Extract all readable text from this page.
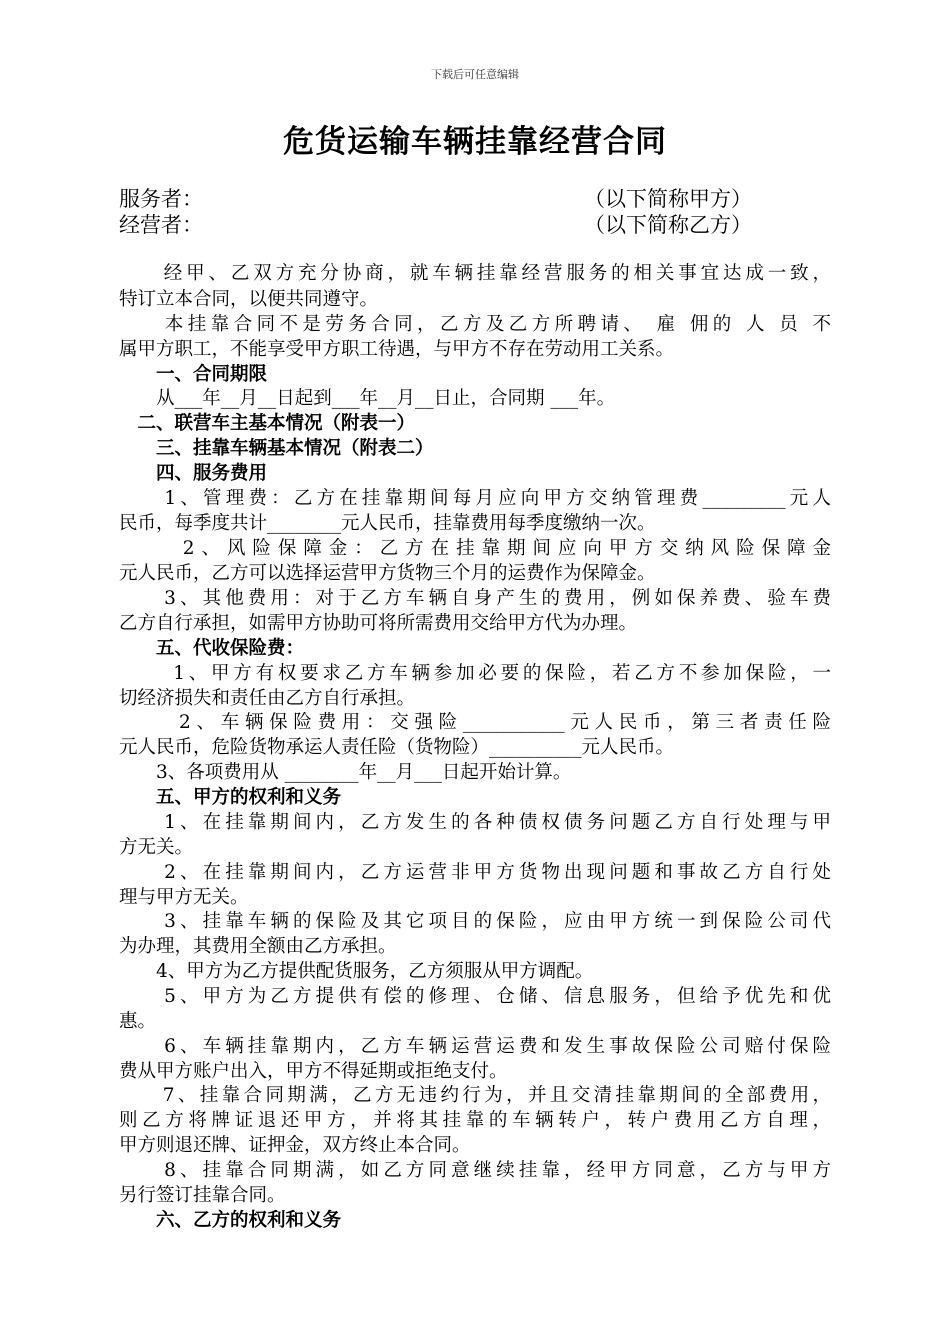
下载后可任意编辑
危货运输车辆挂靠经营合同
服务者：	（以下简称甲方）
经营者：	（以下简称乙方）
　　经甲、乙双方充分协商，就车辆挂靠经营服务的相关事宜达成一致，
特订立本合同，以便共同遵守。
　　本挂靠合同不是劳务合同，乙方及乙方所聘请、 雇 佣的 人 员 不
属甲方职工，不能享受甲方职工待遇，与甲方不存在劳动用工关系。
　　一、合同期限
　　从___年__月__日起到___年__月__日止，合同期 ___年。
　二、联营车主基本情况（附表一）
　　三、挂靠车辆基本情况（附表二）
　　四、服务费用
　　1、管理费：乙方在挂靠期间每月应向甲方交纳管理费_________元人
民币，每季度共计________元人民币，挂靠费用每季度缴纳一次。
　　 2、风险保障金：乙方在挂靠期间应向甲方交纳风险保障金
元人民币，乙方可以选择运营甲方货物三个月的运费作为保障金。
　　3、其他费用：对于乙方车辆自身产生的费用，例如保养费、验车费
乙方自行承担，如需甲方协助可将所需费用交给甲方代为办理。
　　五、代收保险费：
　　 1、甲方有权要求乙方车辆参加必要的保险，若乙方不参加保险，一
切经济损失和责任由乙方自行承担。
　　 2、车辆保险费用：交强险___________元人民币，第三者责任险
元人民币，危险货物承运人责任险（货物险）__________元人民币。
　　3、各项费用从 ________年__月___日起开始计算。
　　五、甲方的权利和义务
　　1、在挂靠期间内，乙方发生的各种债权债务问题乙方自行处理与甲
方无关。
　　2、在挂靠期间内，乙方运营非甲方货物出现问题和事故乙方自行处
理与甲方无关。
　　3、挂靠车辆的保险及其它项目的保险，应由甲方统一到保险公司代
为办理，其费用全额由乙方承担。
　　4、甲方为乙方提供配货服务，乙方须服从甲方调配。
　　5、甲方为乙方提供有偿的修理、仓储、信息服务，但给予优先和优
惠。
　　6、车辆挂靠期内，乙方车辆运营运费和发生事故保险公司赔付保险
费从甲方账户出入，甲方不得延期或拒绝支付。
　　7、挂靠合同期满，乙方无违约行为，并且交清挂靠期间的全部费用，
则乙方将牌证退还甲方，并将其挂靠的车辆转户，转户费用乙方自理，
甲方则退还牌、证押金，双方终止本合同。
　　8、挂靠合同期满，如乙方同意继续挂靠，经甲方同意，乙方与甲方
另行签订挂靠合同。
　　六、乙方的权利和义务
